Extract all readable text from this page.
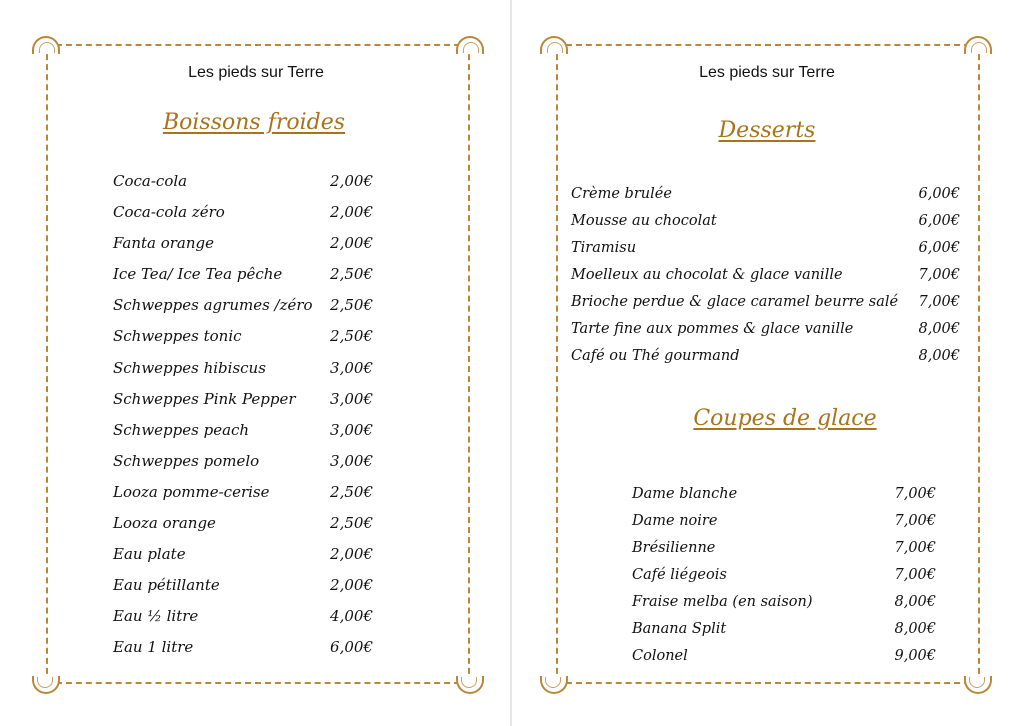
Les pieds sur Terre
Boissons froides
Coca-cola	2,00€
Coca-cola zéro	2,00€
Fanta orange	2,00€
Ice Tea/ Ice Tea pêche	2,50€
Schweppes agrumes /zéro 2,50€
Schweppes tonic	2,50€
Schweppes hibiscus	3,00€
Schweppes Pink Pepper 3,00€
Schweppes peach	3,00€
Schweppes pomelo	3,00€
Looza pomme-cerise	2,50€
Looza orange	2,50€
Eau plate	2,00€
Eau pétillante	2,00€
Eau ½ litre	4,00€
Eau 1 litre	6,00€
Les pieds sur Terre
Desserts
Crème brulée	6,00€
Mousse au chocolat	6,00€
Tiramisu	6,00€
Moelleux au chocolat & glace vanille	7,00€
Brioche perdue & glace caramel beurre salé 7,00€
Tarte fine aux pommes & glace vanille	8,00€
Café ou Thé gourmand	8,00€
Coupes de glace
Dame blanche	7,00€
Dame noire	7,00€
Brésilienne	7,00€
Café liégeois	7,00€
Fraise melba (en saison)	8,00€
Banana Split	8,00€
Colonel	9,00€
